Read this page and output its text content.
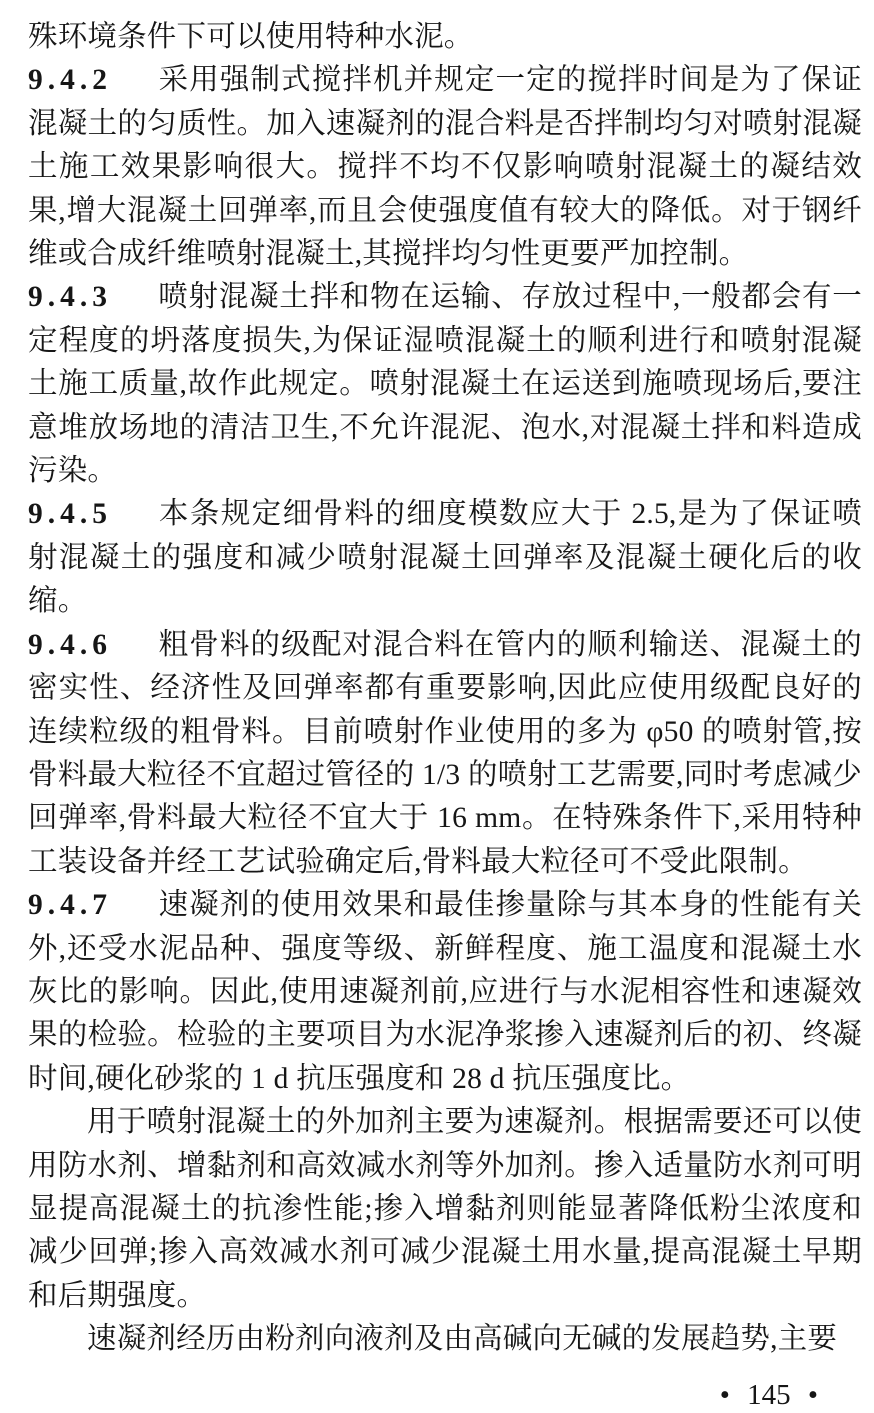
殊环境条件下可以使用特种水泥。

9.4.2 采用强制式搅拌机并规定一定的搅拌时间是为了保证混凝土的匀质性。加入速凝剂的混合料是否拌制均匀对喷射混凝土施工效果影响很大。搅拌不均不仅影响喷射混凝土的凝结效果,增大混凝土回弹率,而且会使强度值有较大的降低。对于钢纤维或合成纤维喷射混凝土,其搅拌均匀性更要严加控制。

9.4.3 喷射混凝土拌和物在运输、存放过程中,一般都会有一定程度的坍落度损失,为保证湿喷混凝土的顺利进行和喷射混凝土施工质量,故作此规定。喷射混凝土在运送到施喷现场后,要注意堆放场地的清洁卫生,不允许混泥、泡水,对混凝土拌和料造成污染。

9.4.5 本条规定细骨料的细度模数应大于 2.5,是为了保证喷射混凝土的强度和减少喷射混凝土回弹率及混凝土硬化后的收缩。

9.4.6 粗骨料的级配对混合料在管内的顺利输送、混凝土的密实性、经济性及回弹率都有重要影响,因此应使用级配良好的连续粒级的粗骨料。目前喷射作业使用的多为 φ50 的喷射管,按骨料最大粒径不宜超过管径的 1/3 的喷射工艺需要,同时考虑减少回弹率,骨料最大粒径不宜大于 16 mm。在特殊条件下,采用特种工装设备并经工艺试验确定后,骨料最大粒径可不受此限制。

9.4.7 速凝剂的使用效果和最佳掺量除与其本身的性能有关外,还受水泥品种、强度等级、新鲜程度、施工温度和混凝土水灰比的影响。因此,使用速凝剂前,应进行与水泥相容性和速凝效果的检验。检验的主要项目为水泥净浆掺入速凝剂后的初、终凝时间,硬化砂浆的 1 d 抗压强度和 28 d 抗压强度比。

用于喷射混凝土的外加剂主要为速凝剂。根据需要还可以使用防水剂、增黏剂和高效减水剂等外加剂。掺入适量防水剂可明显提高混凝土的抗渗性能;掺入增黏剂则能显著降低粉尘浓度和减少回弹;掺入高效减水剂可减少混凝土用水量,提高混凝土早期和后期强度。

速凝剂经历由粉剂向液剂及由高碱向无碱的发展趋势,主要

• 145 •
